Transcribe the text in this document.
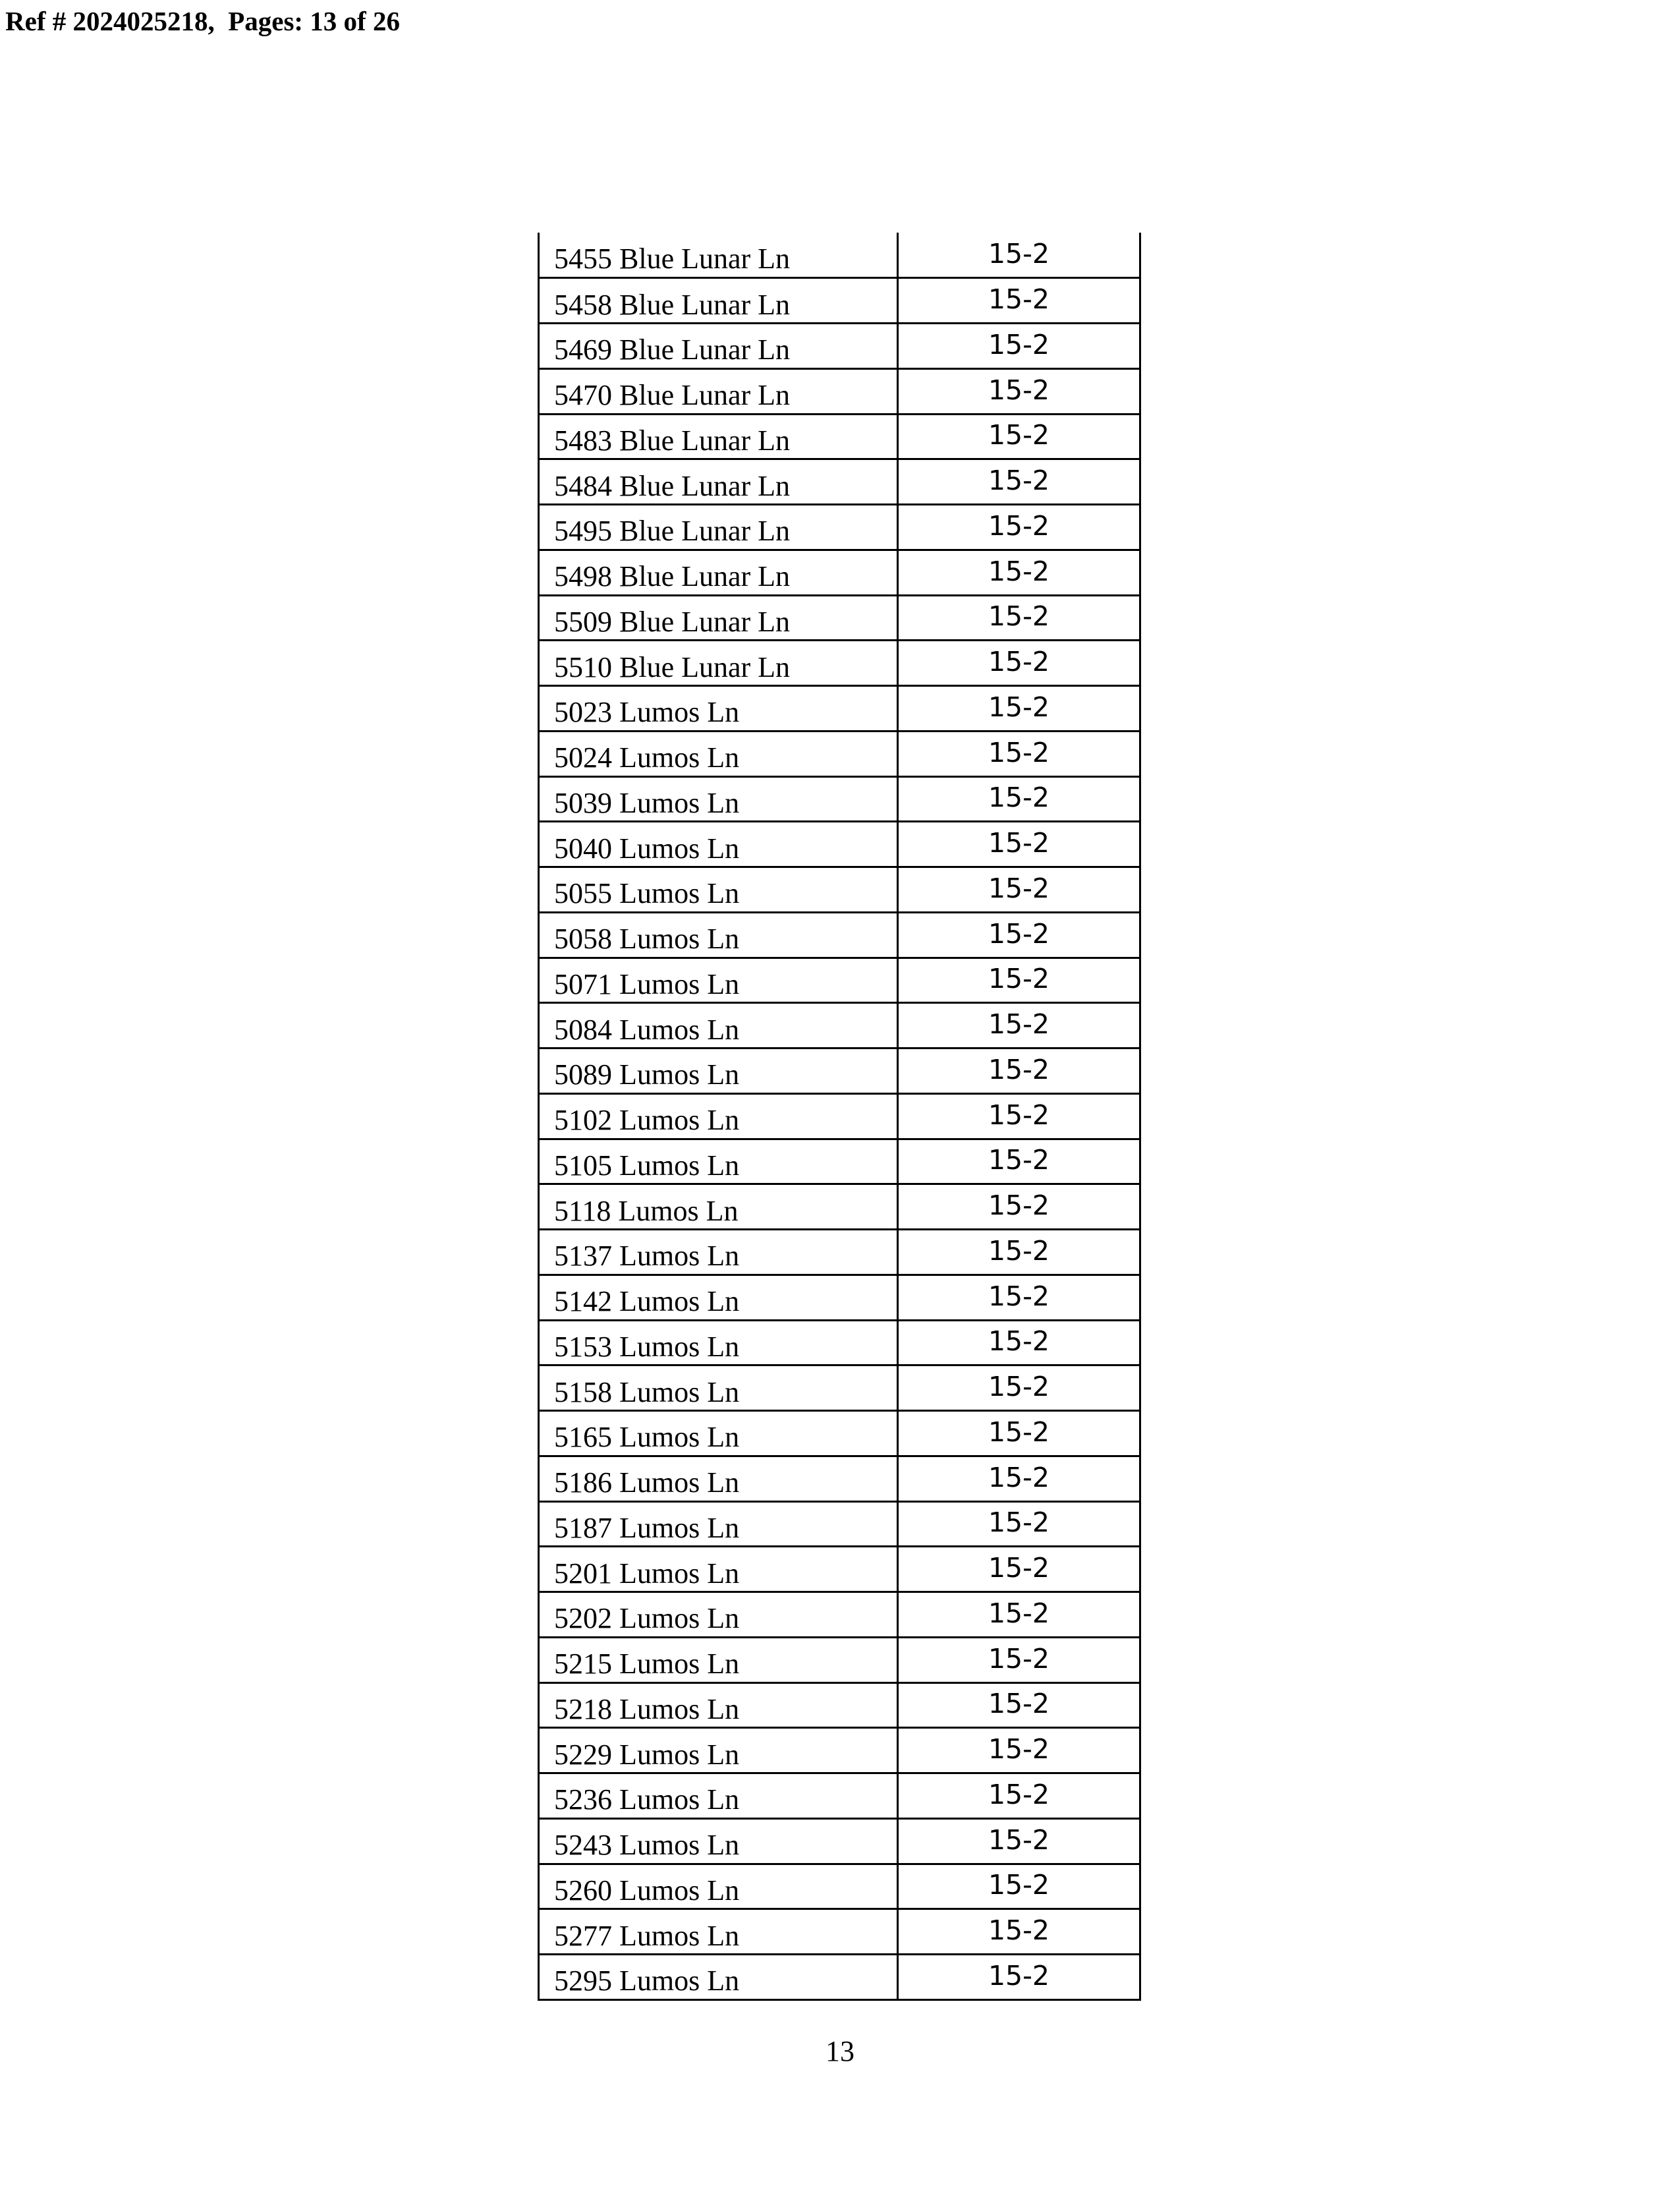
Ref # 2024025218,  Pages: 13 of 26
5455 Blue Lunar Ln	15-2
5458 Blue Lunar Ln	15-2
5469 Blue Lunar Ln	15-2
5470 Blue Lunar Ln	15-2
5483 Blue Lunar Ln	15-2
5484 Blue Lunar Ln	15-2
5495 Blue Lunar Ln	15-2
5498 Blue Lunar Ln	15-2
5509 Blue Lunar Ln	15-2
5510 Blue Lunar Ln	15-2
5023 Lumos Ln	15-2
5024 Lumos Ln	15-2
5039 Lumos Ln	15-2
5040 Lumos Ln	15-2
5055 Lumos Ln	15-2
5058 Lumos Ln	15-2
5071 Lumos Ln	15-2
5084 Lumos Ln	15-2
5089 Lumos Ln	15-2
5102 Lumos Ln	15-2
5105 Lumos Ln	15-2
5118 Lumos Ln	15-2
5137 Lumos Ln	15-2
5142 Lumos Ln	15-2
5153 Lumos Ln	15-2
5158 Lumos Ln	15-2
5165 Lumos Ln	15-2
5186 Lumos Ln	15-2
5187 Lumos Ln	15-2
5201 Lumos Ln	15-2
5202 Lumos Ln	15-2
5215 Lumos Ln	15-2
5218 Lumos Ln	15-2
5229 Lumos Ln	15-2
5236 Lumos Ln	15-2
5243 Lumos Ln	15-2
5260 Lumos Ln	15-2
5277 Lumos Ln	15-2
5295 Lumos Ln	15-2
13
